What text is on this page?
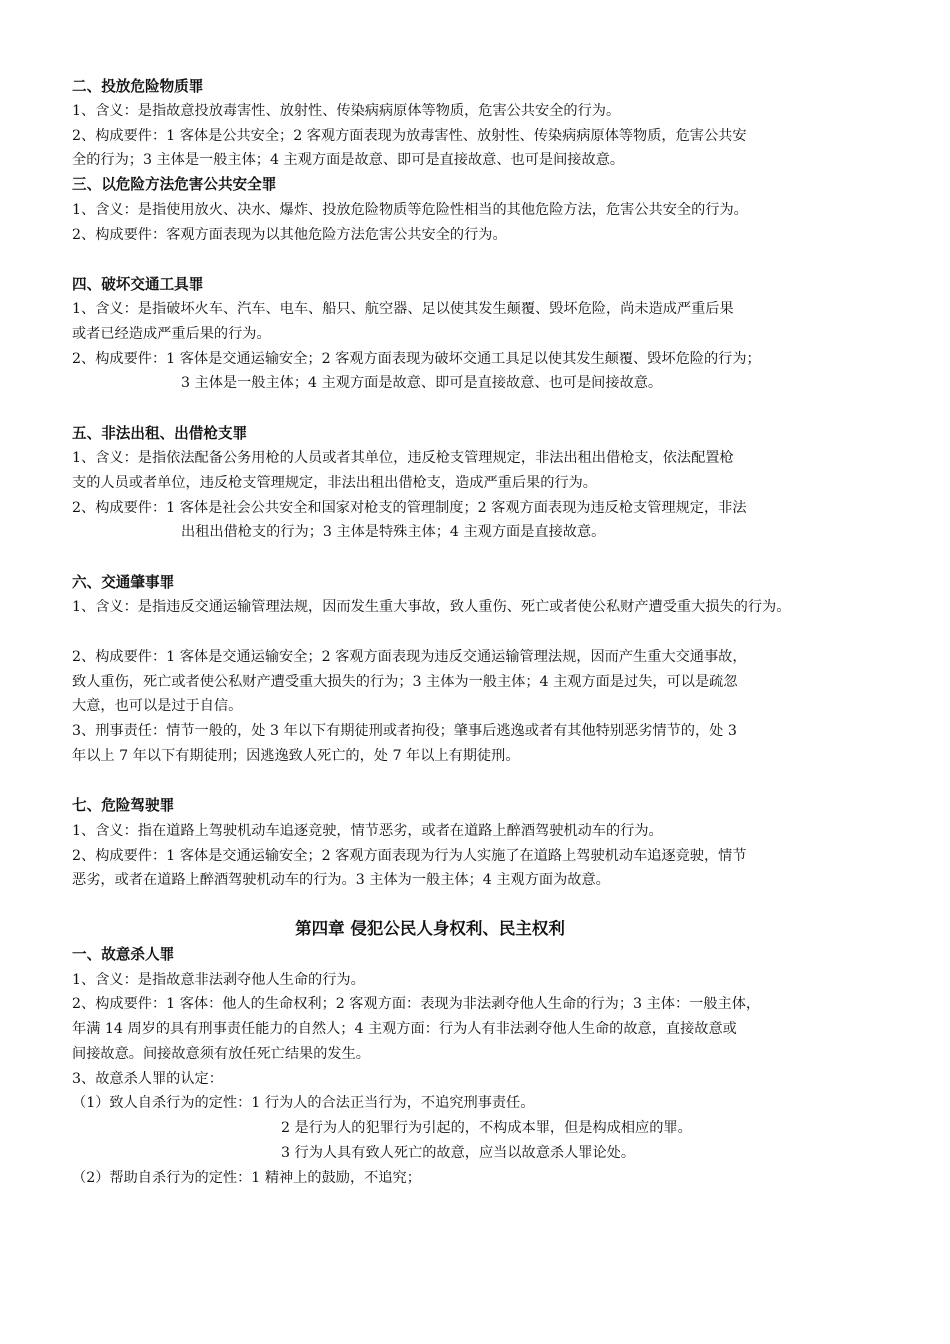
二、投放危险物质罪
1、含义：是指故意投放毒害性、放射性、传染病病原体等物质，危害公共安全的行为。
2、构成要件：1 客体是公共安全；2 客观方面表现为放毒害性、放射性、传染病病原体等物质，危害公共安
全的行为；3 主体是一般主体；4 主观方面是故意、即可是直接故意、也可是间接故意。
三、以危险方法危害公共安全罪
1、含义：是指使用放火、决水、爆炸、投放危险物质等危险性相当的其他危险方法，危害公共安全的行为。
2、构成要件：客观方面表现为以其他危险方法危害公共安全的行为。
四、破坏交通工具罪
1、含义：是指破坏火车、汽车、电车、船只、航空器、足以使其发生颠覆、毁坏危险，尚未造成严重后果
或者已经造成严重后果的行为。
2、构成要件：1 客体是交通运输安全；2 客观方面表现为破坏交通工具足以使其发生颠覆、毁坏危险的行为；
3 主体是一般主体；4 主观方面是故意、即可是直接故意、也可是间接故意。
五、非法出租、出借枪支罪
1、含义：是指依法配备公务用枪的人员或者其单位，违反枪支管理规定，非法出租出借枪支，依法配置枪
支的人员或者单位，违反枪支管理规定，非法出租出借枪支，造成严重后果的行为。
2、构成要件：1 客体是社会公共安全和国家对枪支的管理制度；2 客观方面表现为违反枪支管理规定，非法
出租出借枪支的行为；3 主体是特殊主体；4 主观方面是直接故意。
六、交通肇事罪
1、含义：是指违反交通运输管理法规，因而发生重大事故，致人重伤、死亡或者使公私财产遭受重大损失的行为。
2、构成要件：1 客体是交通运输安全；2 客观方面表现为违反交通运输管理法规，因而产生重大交通事故，
致人重伤，死亡或者使公私财产遭受重大损失的行为；3 主体为一般主体；4 主观方面是过失，可以是疏忽
大意，也可以是过于自信。
3、刑事责任：情节一般的，处 3 年以下有期徒刑或者拘役；肇事后逃逸或者有其他特别恶劣情节的，处 3
年以上 7 年以下有期徒刑；因逃逸致人死亡的，处 7 年以上有期徒刑。
七、危险驾驶罪
1、含义：指在道路上驾驶机动车追逐竞驶，情节恶劣，或者在道路上醉酒驾驶机动车的行为。
2、构成要件：1 客体是交通运输安全；2 客观方面表现为行为人实施了在道路上驾驶机动车追逐竞驶，情节
恶劣，或者在道路上醉酒驾驶机动车的行为。3 主体为一般主体；4 主观方面为故意。
第四章 侵犯公民人身权利、民主权利
一、故意杀人罪
1、含义：是指故意非法剥夺他人生命的行为。
2、构成要件：1 客体：他人的生命权利；2 客观方面：表现为非法剥夺他人生命的行为；3 主体：一般主体，
年满 14 周岁的具有刑事责任能力的自然人；4 主观方面：行为人有非法剥夺他人生命的故意，直接故意或
间接故意。间接故意须有放任死亡结果的发生。
3、故意杀人罪的认定：
（1）致人自杀行为的定性：1 行为人的合法正当行为，不追究刑事责任。
2 是行为人的犯罪行为引起的，不构成本罪，但是构成相应的罪。
3 行为人具有致人死亡的故意，应当以故意杀人罪论处。
（2）帮助自杀行为的定性：1 精神上的鼓励，不追究；
